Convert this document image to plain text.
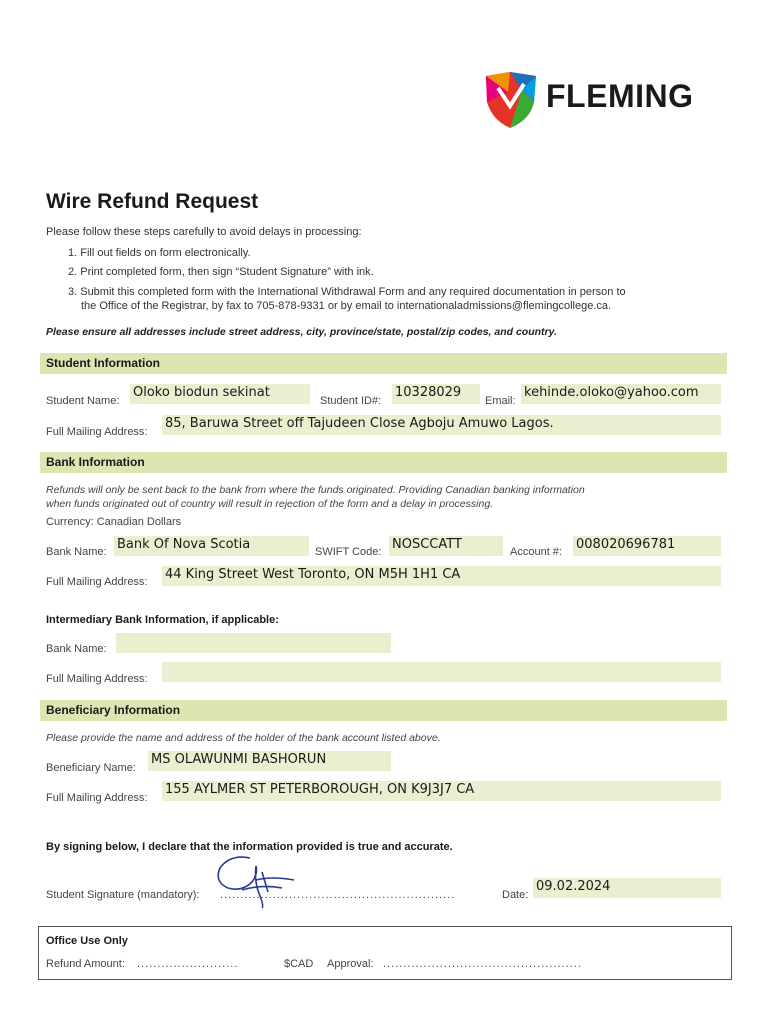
FLEMING
Wire Refund Request
Please follow these steps carefully to avoid delays in processing:
1. Fill out fields on form electronically.
2. Print completed form, then sign “Student Signature” with ink.
3. Submit this completed form with the International Withdrawal Form and any required documentation in person to
the Office of the Registrar, by fax to 705-878-9331 or by email to internationaladmissions@flemingcollege.ca.
Please ensure all addresses include street address, city, province/state, postal/zip codes, and country.
Student Information
Student Name:
Oloko biodun sekinat
Student ID#:
10328029
Email:
kehinde.oloko@yahoo.com
Full Mailing Address:
85, Baruwa Street off Tajudeen Close Agboju Amuwo Lagos.
Bank Information
Refunds will only be sent back to the bank from where the funds originated. Providing Canadian banking information
when funds originated out of country will result in rejection of the form and a delay in processing.
Currency: Canadian Dollars
Bank Name: Bank Of Nova Scotia	SWIFT Code: NOSCCATT	Account #: 008020696781
Full Mailing Address: 44 King Street West Toronto, ON M5H 1H1 CA
Intermediary Bank Information, if applicable:
Bank Name:
Full Mailing Address:
Beneficiary Information
Please provide the name and address of the holder of the bank account listed above.
Beneficiary Name:
MS OLAWUNMI BASHORUN
Full Mailing Address:
155 AYLMER ST PETERBOROUGH, ON K9J3J7 CA
By signing below, I declare that the information provided is true and accurate.
Student Signature (mandatory): ..........................................................	Date:
09.02.2024
Office Use Only
Refund Amount: .........................	$CAD Approval: .................................................
